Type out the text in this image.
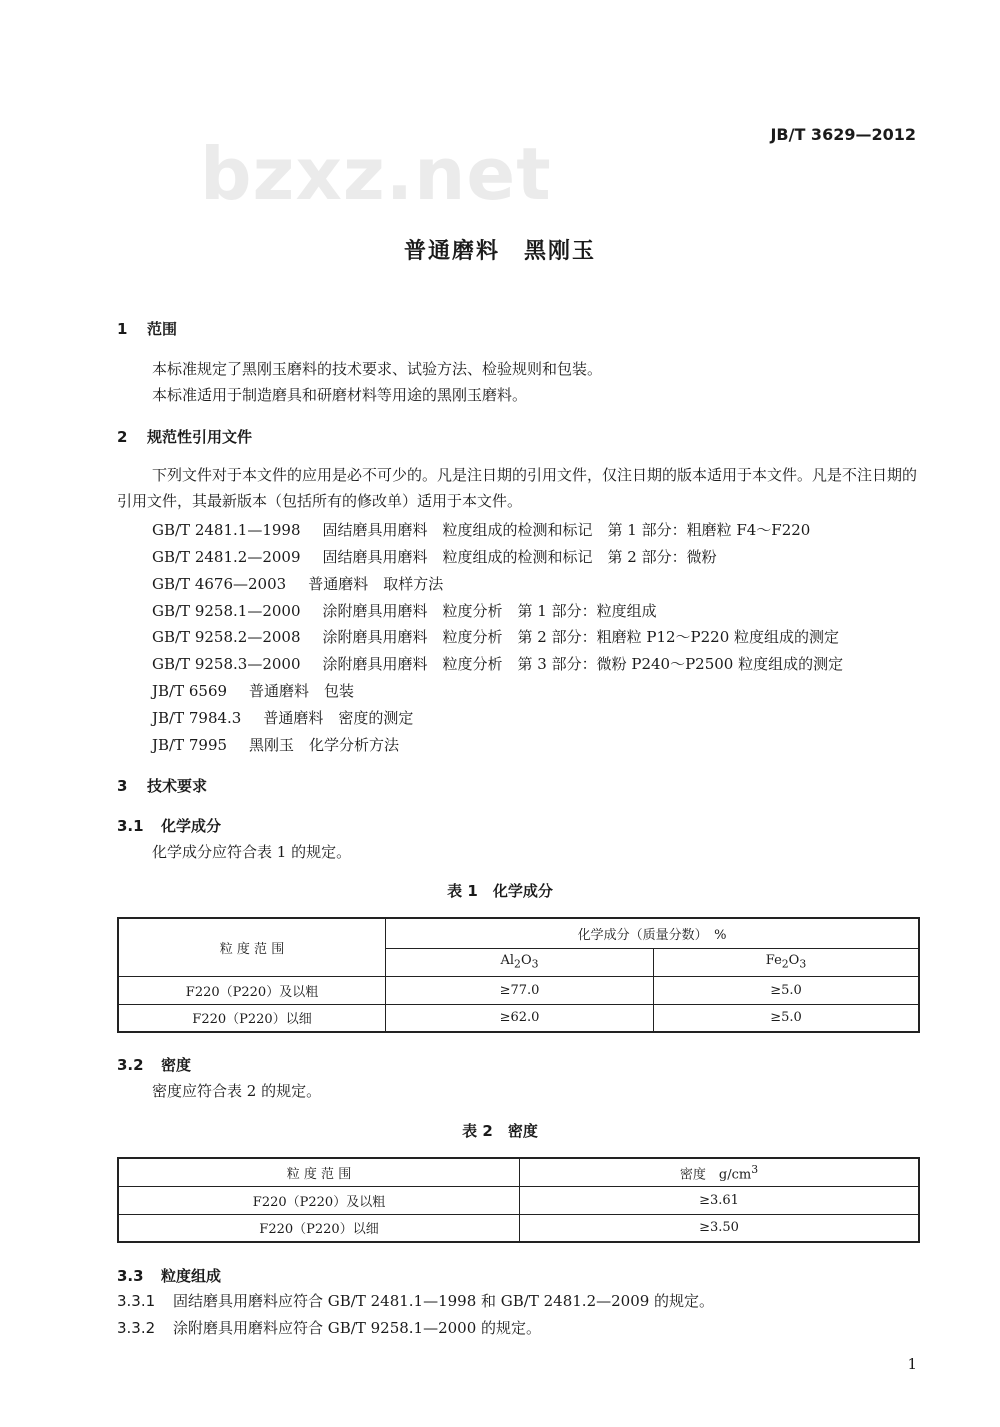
bzxz.net	JB/T 3629—2012
普通磨料　黑刚玉
1 范围
本标准规定了黑刚玉磨料的技术要求、试验方法、检验规则和包装。
本标准适用于制造磨具和研磨材料等用途的黑刚玉磨料。
2 规范性引用文件
下列文件对于本文件的应用是必不可少的。凡是注日期的引用文件，仅注日期的版本适用于本文件。凡是不注日期的引用文件，其最新版本（包括所有的修改单）适用于本文件。
GB/T 2481.1—1998 固结磨具用磨料　粒度组成的检测和标记　第 1 部分：粗磨粒 F4～F220
GB/T 2481.2—2009 固结磨具用磨料　粒度组成的检测和标记　第 2 部分：微粉
GB/T 4676—2003 普通磨料　取样方法
GB/T 9258.1—2000 涂附磨具用磨料　粒度分析　第 1 部分：粒度组成
GB/T 9258.2—2008 涂附磨具用磨料　粒度分析　第 2 部分：粗磨粒 P12～P220 粒度组成的测定
GB/T 9258.3—2000 涂附磨具用磨料　粒度分析　第 3 部分：微粉 P240～P2500 粒度组成的测定
JB/T 6569 普通磨料　包装
JB/T 7984.3 普通磨料　密度的测定
JB/T 7995 黑刚玉　化学分析方法
3 技术要求
3.1 化学成分
化学成分应符合表 1 的规定。
表 1　化学成分
粒 度 范 围	化学成分（质量分数）　%	
	$Al_2O_3$	$Fe_2O_3$
F220（P220）及以粗	≥77.0	≥5.0
F220（P220）以细	≥62.0	≥5.0
3.2 密度
密度应符合表 2 的规定。
表 2　密度
粒 度 范 围	密度　$g/cm^3$
F220（P220）及以粗	≥3.61
F220（P220）以细	≥3.50
3.3 粒度组成
3.3.1 固结磨具用磨料应符合 GB/T 2481.1—1998 和 GB/T 2481.2—2009 的规定。
3.3.2 涂附磨具用磨料应符合 GB/T 9258.1—2000 的规定。
1
